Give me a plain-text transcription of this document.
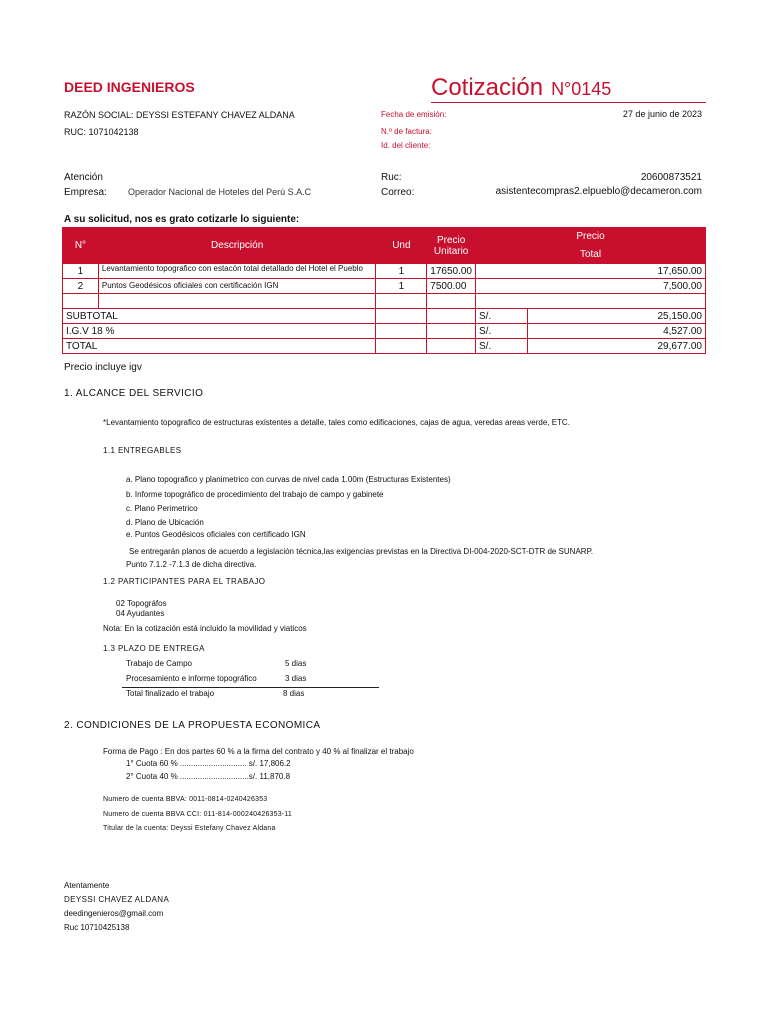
DEED INGENIEROS	Cotización N°0145
RAZÓN SOCIAL: DEYSSI ESTEFANY CHAVEZ ALDANA
RUC: 1071042138
Fecha de emisión:	27 de junio de 2023
N.º de factura:
Id. del cliente:
Atención
Empresa: Operador Nacional de Hoteles del Perú S.A.C
Ruc:	20600873521
Correo:	asistentecompras2.elpueblo@decameron.com
A su solicitud, nos es grato cotizarle lo siguiente:
N°	Descripción	Und	Precio Unitario	Precio	
				Total	
1	Levantamiento topografico con estacón total detallado del Hotel el Pueblo	1	17650.00	17,650.00	
2	Puntos Geodésicos oficiales con certificación IGN	1	7500.00	7,500.00	

SUBTOTAL				S/.	25,150.00
I.G.V 18 %				S/.	4,527.00
TOTAL				S/.	29,677.00
Precio incluye igv
1. ALCANCE DEL SERVICIO
*Levantamiento topografico de estructuras existentes a detalle, tales como edificaciones, cajas de agua, veredas areas verde, ETC.
1.1 ENTREGABLES
a. Plano topografico y planimetrico con curvas de nivel cada 1.00m (Estructuras Existentes)
b. Informe topográfico de procedimiento del trabajo de campo y gabinete
c. Plano Perimetrico
d. Plano de Ubicación
e. Puntos Geodésicos oficiales con certificado IGN
Se entregarán planos de acuerdo a legislación técnica,las exigencias previstas en la Directiva DI-004-2020-SCT-DTR de SUNARP.
Punto 7.1.2 -7.1.3 de dicha directiva.
1.2 PARTICIPANTES PARA EL TRABAJO
02 Topográfos
04 Ayudantes
Nota: En la cotización está incluido la movilidad y viaticos
1.3 PLAZO DE ENTREGA
Trabajo de Campo	5 dias
Procesamiento e informe topográfico	3 dias
Total finalizado el trabajo	8 dias
2. CONDICIONES DE LA PROPUESTA ECONOMICA
Forma de Pago : En dos partes 60 % a la firma del contrato y 40 % al finalizar el trabajo
1° Cuota 60 % .............................. s/. 17,806.2
2° Cuota 40 % ...............................s/. 11,870.8
Numero de cuenta BBVA: 0011-0814-0240426353
Numero de cuenta BBVA CCI: 011-814-000240426353-11
Titular de la cuenta: Deyssi Estefany Chavez Aldana
Atentamente
DEYSSI CHAVEZ ALDANA
deedingenieros@gmail.com
Ruc 10710425138
